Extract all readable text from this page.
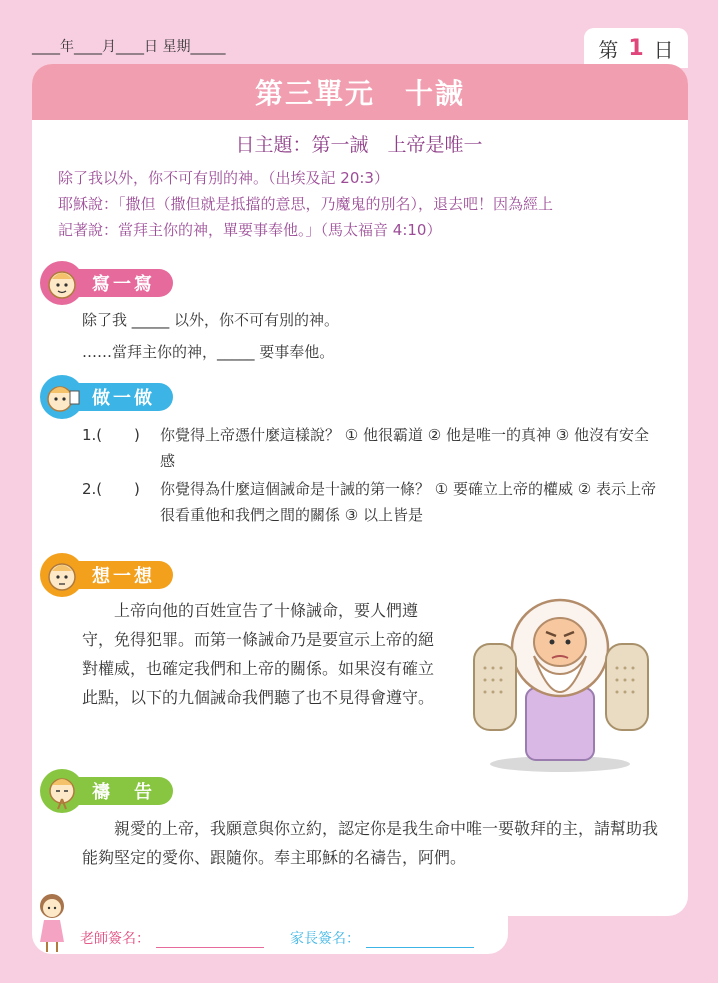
____年____月____日 星期_____	第 1 日
第三單元　十誡
日主題：第一誡　上帝是唯一
除了我以外，你不可有別的神。（出埃及記 20:3）
耶穌說：「撒但（撒但就是抵擋的意思，乃魔鬼的別名），退去吧！因為經上
記著說：當拜主你的神，單要事奉他。」（馬太福音 4:10）
寫一寫
除了我 _____ 以外，你不可有別的神。
……當拜主你的神，_____ 要事奉他。
做一做
1.( ) 你覺得上帝憑什麼這樣說？ ① 他很霸道 ② 他是唯一的真神 ③ 他沒有安全感
2.( ) 你覺得為什麼這個誡命是十誡的第一條？ ① 要確立上帝的權威 ② 表示上帝很看重他和我們之間的關係 ③ 以上皆是
想一想
上帝向他的百姓宣告了十條誡命，要人們遵守，免得犯罪。而第一條誡命乃是要宣示上帝的絕對權威，也確定我們和上帝的關係。如果沒有確立此點，以下的九個誡命我們聽了也不見得會遵守。
禱　告
親愛的上帝，我願意與你立約，認定你是我生命中唯一要敬拜的主，請幫助我能夠堅定的愛你、跟隨你。奉主耶穌的名禱告，阿們。
老師簽名：	家長簽名：
